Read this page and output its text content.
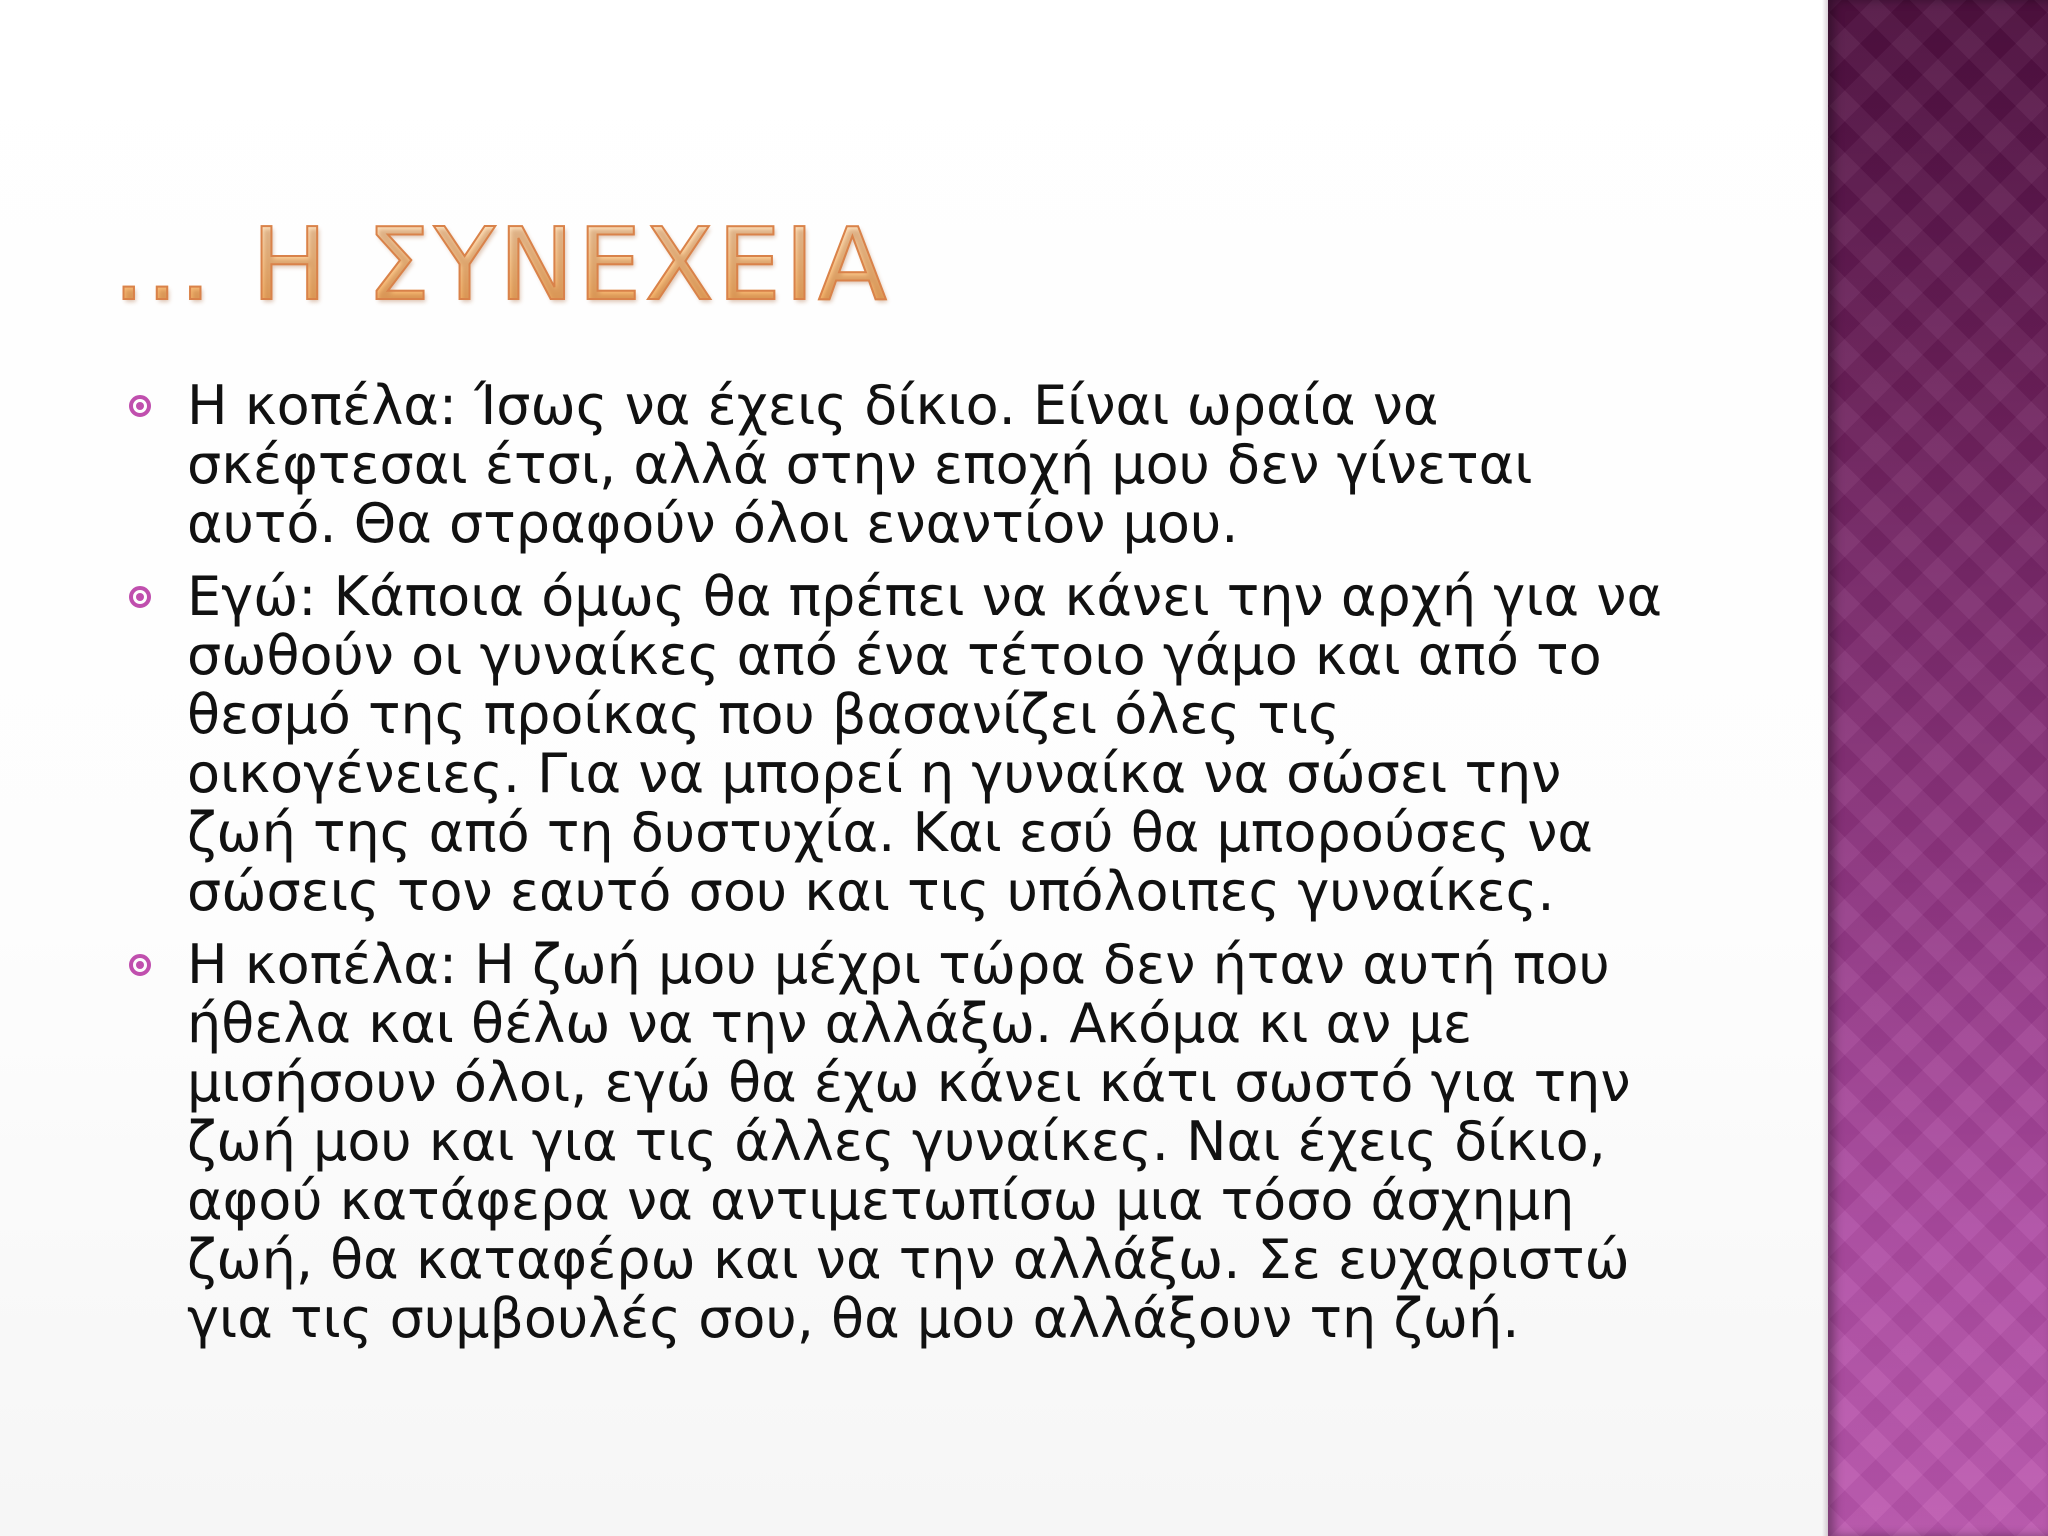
… Η ΣΥΝΕΧΕΙΑ
Η κοπέλα: Ίσως να έχεις δίκιο. Είναι ωραία να σκέφτεσαι έτσι, αλλά στην εποχή μου δεν γίνεται αυτό. Θα στραφούν όλοι εναντίον μου.
Εγώ: Κάποια όμως θα πρέπει να κάνει την αρχή για να σωθούν οι γυναίκες από ένα τέτοιο γάμο και από το θεσμό της προίκας που βασανίζει όλες τις οικογένειες. Για να μπορεί η γυναίκα να σώσει την ζωή της από τη δυστυχία. Και εσύ θα μπορούσες να σώσεις τον εαυτό σου και τις υπόλοιπες γυναίκες.
Η κοπέλα: Η ζωή μου μέχρι τώρα δεν ήταν αυτή που ήθελα και θέλω να την αλλάξω. Ακόμα κι αν με μισήσουν όλοι, εγώ θα έχω κάνει κάτι σωστό για την ζωή μου και για τις άλλες γυναίκες. Ναι έχεις δίκιο, αφού κατάφερα να αντιμετωπίσω μια τόσο άσχημη ζωή, θα καταφέρω και να την αλλάξω. Σε ευχαριστώ για τις συμβουλές σου, θα μου αλλάξουν τη ζωή.
